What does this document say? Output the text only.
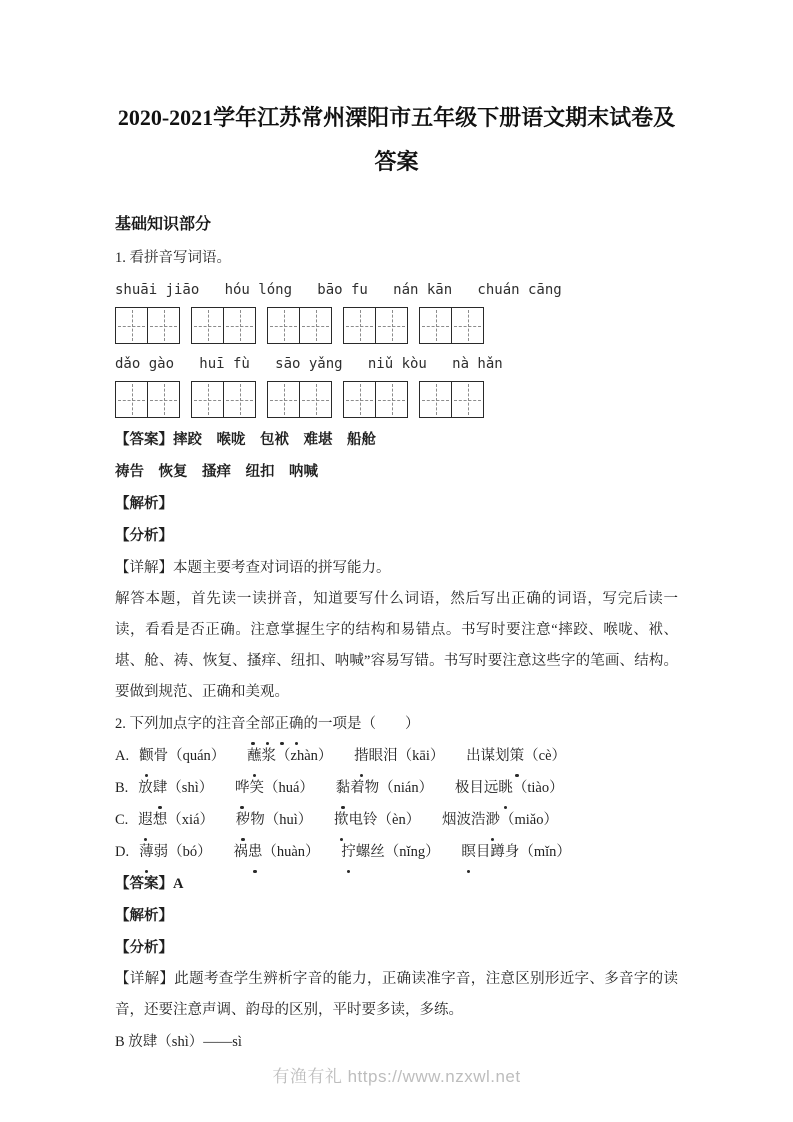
2020-2021学年江苏常州溧阳市五年级下册语文期末试卷及
答案
基础知识部分

1. 看拼音写词语。

shuāi jiāo   hóu lóng   bāo fu   nán kān   chuán cāng
dǎo gào   huī fù   sāo yǎng   niǔ kòu   nà hǎn

【答案】摔跤　喉咙　包袱　难堪　船舱

祷告　恢复　搔痒　纽扣　呐喊

【解析】

【分析】

【详解】本题主要考查对词语的拼写能力。

解答本题，首先读一读拼音，知道要写什么词语，然后写出正确的词语，写完后读一读，看看是否正确。注意掌握生字的结构和易错点。书写时要注意“摔跤、喉咙、袱、堪、舱、祷、恢复、搔痒、纽扣、呐喊”容易写错。书写时要注意这些字的笔画、结构。要做到规范、正确和美观。

2. 下列加点字的注音全部正确的一项是（　　）

A. 颧骨（quán）　　蘸浆（zhàn）　　揩眼泪（kāi）　　出谋划策（cè）

B. 放肆（shì）　　哗笑（huá）　　黏着物（nián）　　极目远眺（tiào）

C. 遐想（xiá）　　秽物（huì）　　揿电铃（èn）　　烟波浩渺（miǎo）

D. 薄弱（bó）　　祸患（huàn）　　拧螺丝（nǐng）　　瞑目蹲身（mǐn）

【答案】A

【解析】

【分析】

【详解】此题考查学生辨析字音的能力，正确读准字音，注意区别形近字、多音字的读音，还要注意声调、韵母的区别，平时要多读，多练。

B 放肆（shì）——sì

有渔有礼 https://www.nzxwl.net
